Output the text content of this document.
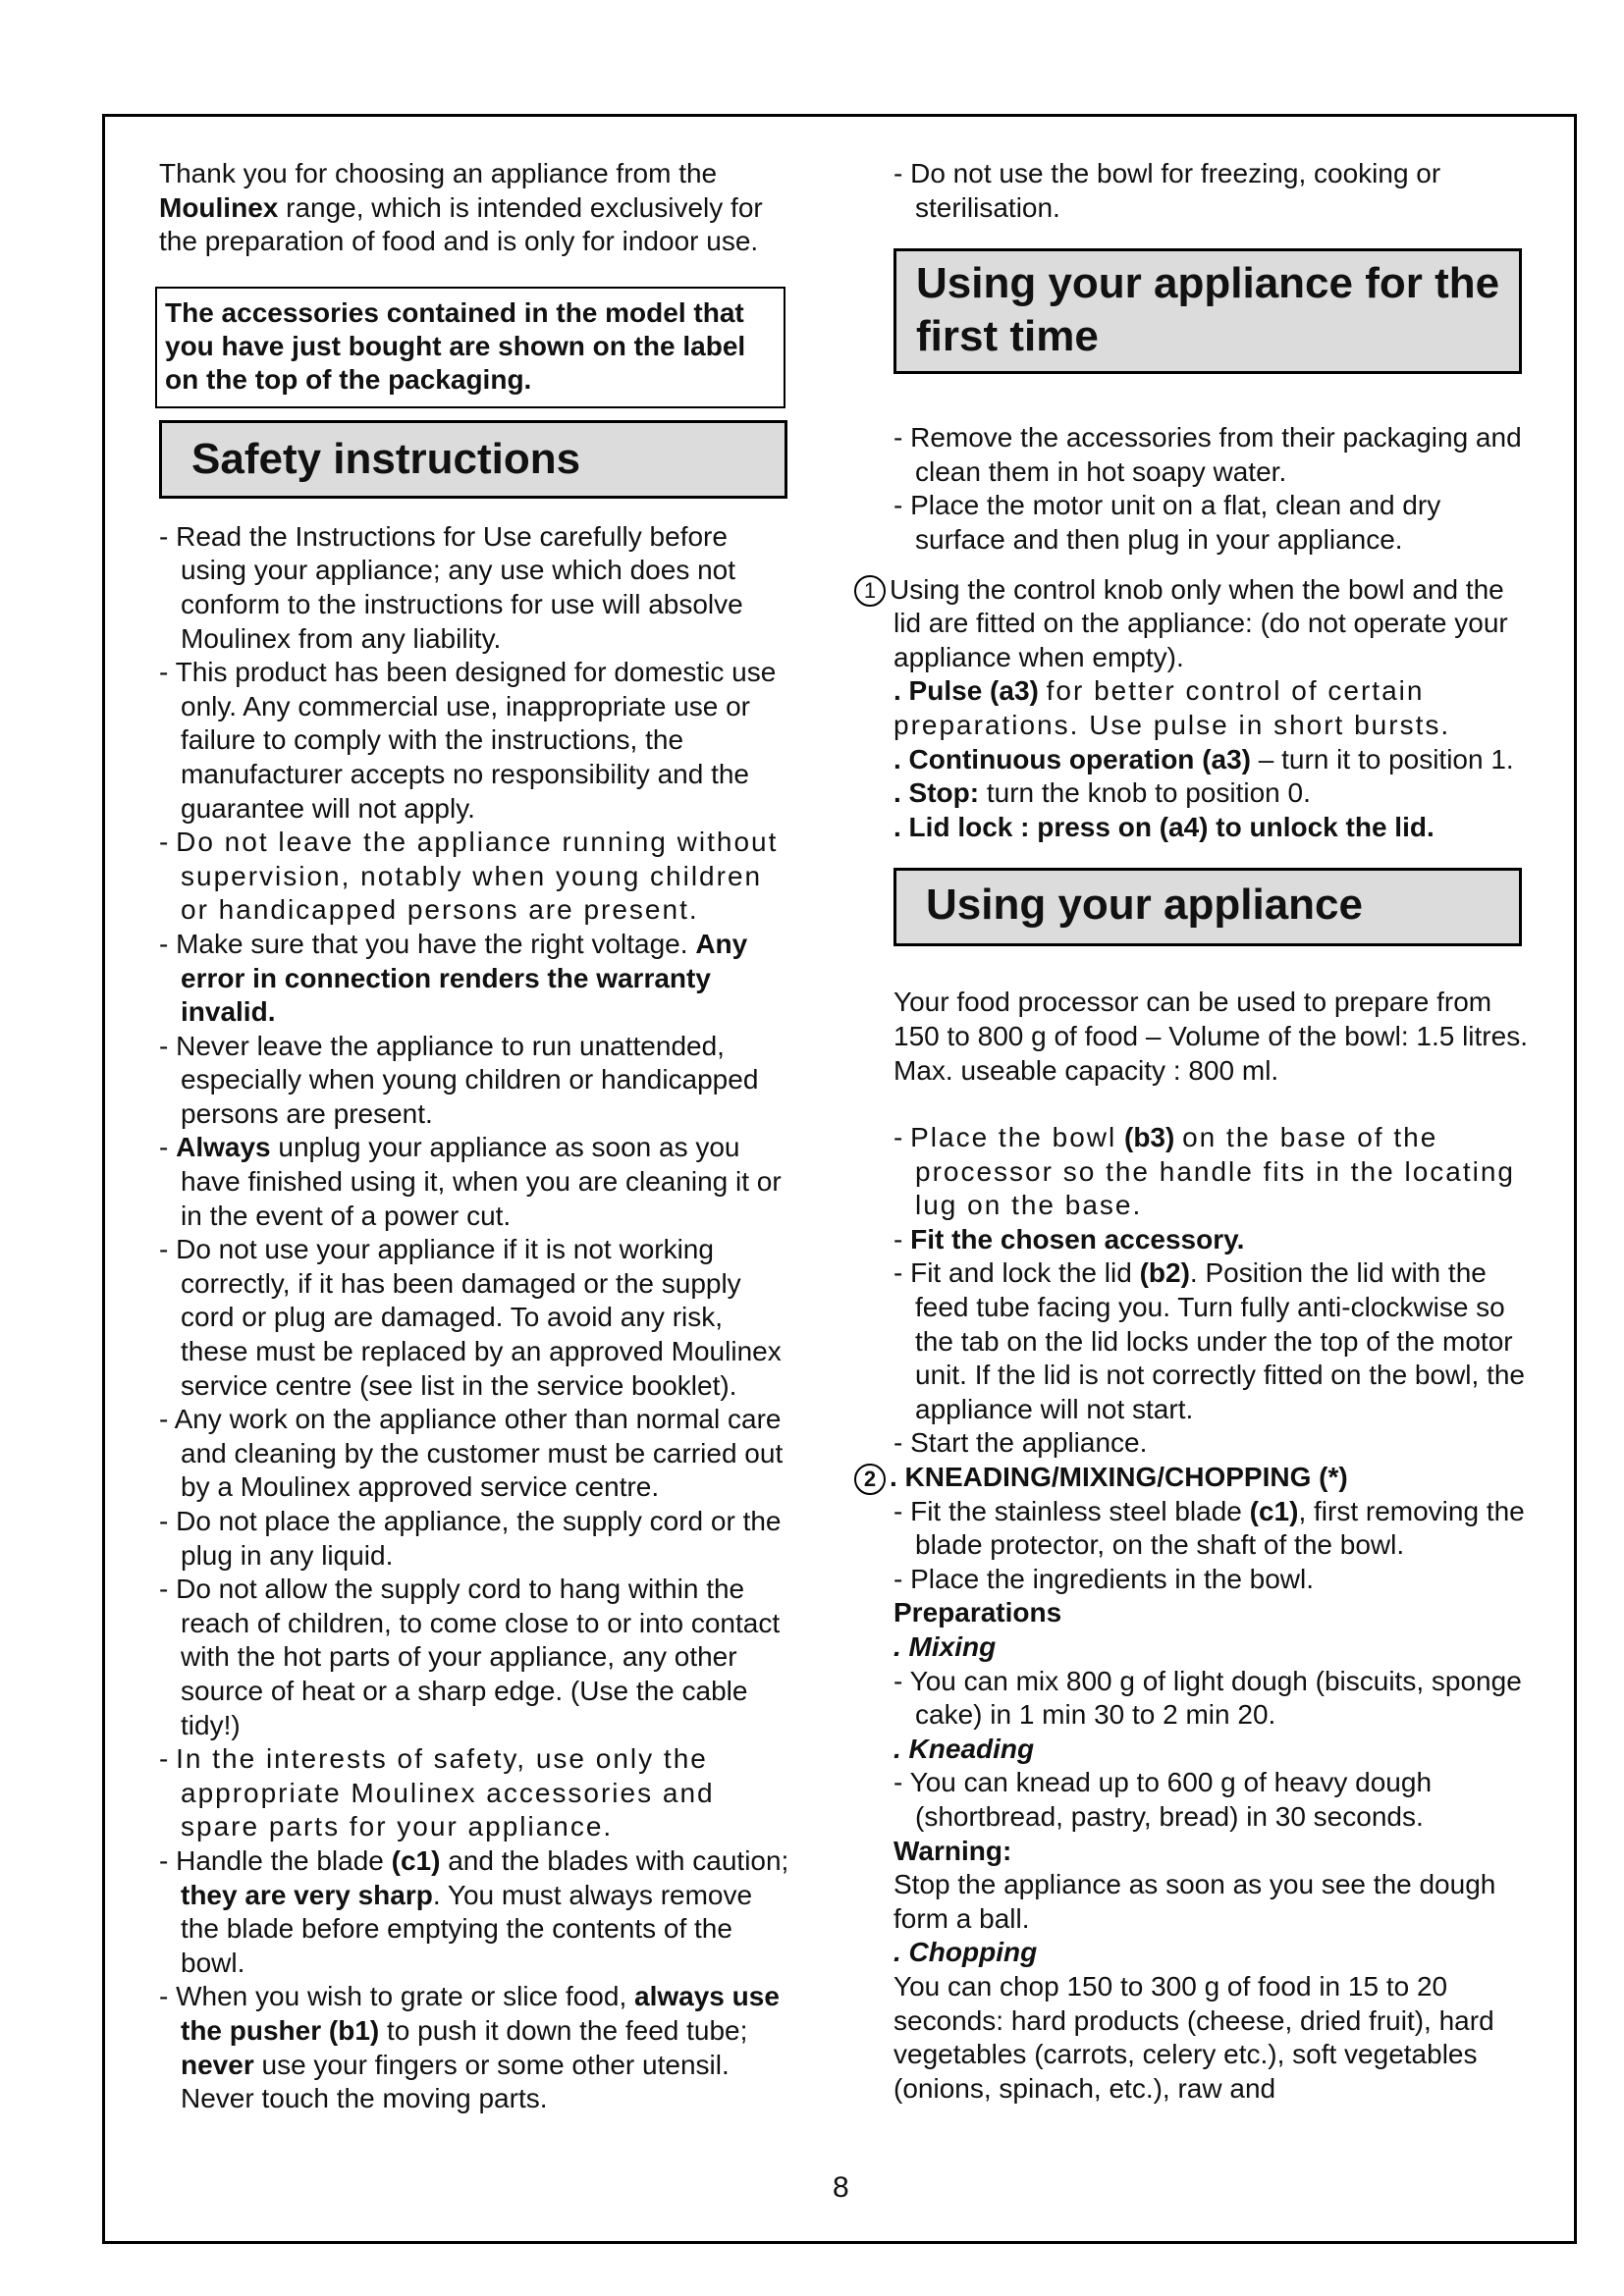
Thank you for choosing an appliance from the Moulinex range, which is intended exclusively for the preparation of food and is only for indoor use.

The accessories contained in the model that you have just bought are shown on the label on the top of the packaging.
Safety instructions
- Read the Instructions for Use carefully before using your appliance; any use which does not conform to the instructions for use will absolve Moulinex from any liability.
- This product has been designed for domestic use only. Any commercial use, inappropriate use or failure to comply with the instructions, the manufacturer accepts no responsibility and the guarantee will not apply.
- Do not leave the appliance running without supervision, notably when young children or handicapped persons are present.
- Make sure that you have the right voltage. Any error in connection renders the warranty invalid.
- Never leave the appliance to run unattended, especially when young children or handicapped persons are present.
- Always unplug your appliance as soon as you have finished using it, when you are cleaning it or in the event of a power cut.
- Do not use your appliance if it is not working correctly, if it has been damaged or the supply cord or plug are damaged. To avoid any risk, these must be replaced by an approved Moulinex service centre (see list in the service booklet).
- Any work on the appliance other than normal care and cleaning by the customer must be carried out by a Moulinex approved service centre.
- Do not place the appliance, the supply cord or the plug in any liquid.
- Do not allow the supply cord to hang within the reach of children, to come close to or into contact with the hot parts of your appliance, any other source of heat or a sharp edge. (Use the cable tidy!)
- In the interests of safety, use only the appropriate Moulinex accessories and spare parts for your appliance.
- Handle the blade (c1) and the blades with caution; they are very sharp. You must always remove the blade before emptying the contents of the bowl.
- When you wish to grate or slice food, always use the pusher (b1) to push it down the feed tube; never use your fingers or some other utensil. Never touch the moving parts.
- Do not use the bowl for freezing, cooking or sterilisation.
Using your appliance for the first time
- Remove the accessories from their packaging and clean them in hot soapy water.
- Place the motor unit on a flat, clean and dry surface and then plug in your appliance.

1 Using the control knob only when the bowl and the lid are fitted on the appliance: (do not operate your appliance when empty).

. Pulse (a3) for better control of certain preparations. Use pulse in short bursts.

. Continuous operation (a3) – turn it to position 1.

. Stop: turn the knob to position 0.

. Lid lock : press on (a4) to unlock the lid.

Using your appliance

Your food processor can be used to prepare from 150 to 800 g of food – Volume of the bowl: 1.5 litres. Max. useable capacity : 800 ml.

- Place the bowl (b3) on the base of the processor so the handle fits in the locating lug on the base.
- Fit the chosen accessory.
- Fit and lock the lid (b2). Position the lid with the feed tube facing you. Turn fully anti-clockwise so the tab on the lid locks under the top of the motor unit. If the lid is not correctly fitted on the bowl, the appliance will not start.
- Start the appliance.

2 . KNEADING/MIXING/CHOPPING (*)

- Fit the stainless steel blade (c1), first removing the blade protector, on the shaft of the bowl.
- Place the ingredients in the bowl.

Preparations

. Mixing

- You can mix 800 g of light dough (biscuits, sponge cake) in 1 min 30 to 2 min 20.

. Kneading

- You can knead up to 600 g of heavy dough (shortbread, pastry, bread) in 30 seconds.

Warning:

Stop the appliance as soon as you see the dough form a ball.

. Chopping

You can chop 150 to 300 g of food in 15 to 20 seconds: hard products (cheese, dried fruit), hard vegetables (carrots, celery etc.), soft vegetables (onions, spinach, etc.), raw and

8
